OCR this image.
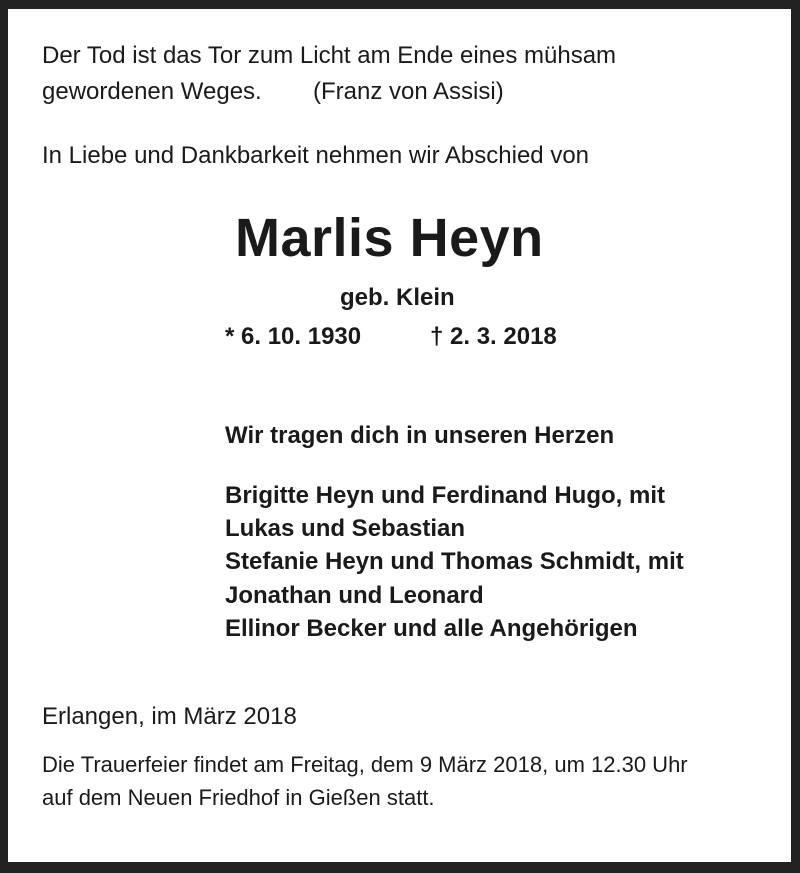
Der Tod ist das Tor zum Licht am Ende eines mühsam

gewordenen Weges. (Franz von Assisi)

In Liebe und Dankbarkeit nehmen wir Abschied von

Marlis Heyn

geb. Klein

* 6. 10. 1930	† 2. 3. 2018

Wir tragen dich in unseren Herzen

Brigitte Heyn und Ferdinand Hugo, mit

Lukas und Sebastian

Stefanie Heyn und Thomas Schmidt, mit

Jonathan und Leonard

Ellinor Becker und alle Angehörigen

Erlangen, im März 2018

Die Trauerfeier findet am Freitag, dem 9 März 2018, um 12.30 Uhr

auf dem Neuen Friedhof in Gießen statt.
